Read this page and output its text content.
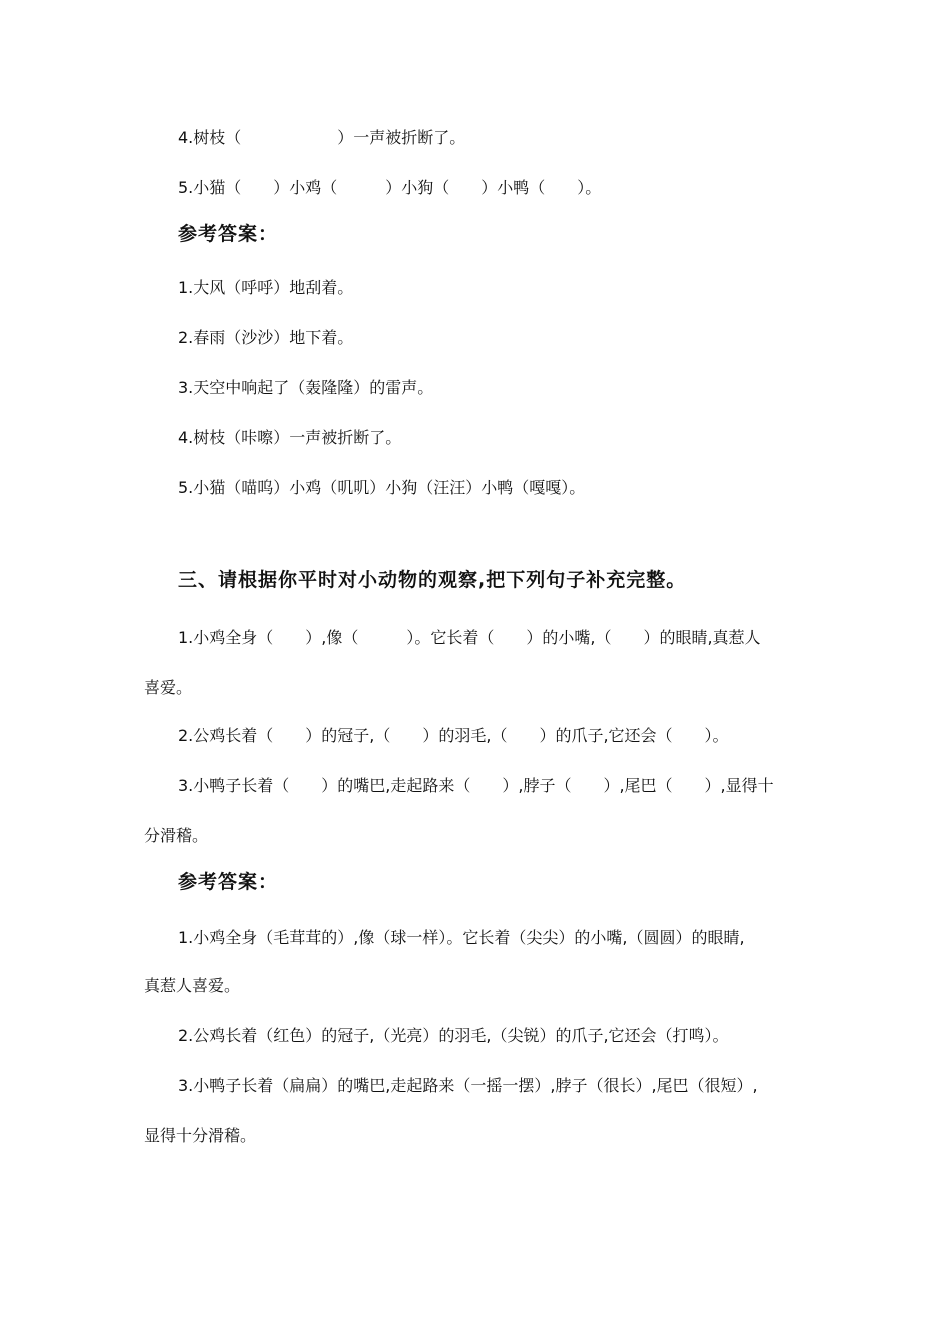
4.树枝（　　　　　　）一声被折断了。
5.小猫（　　）小鸡（　　　）小狗（　　）小鸭（　　）。
参考答案：
1.大风（呼呼）地刮着。
2.春雨（沙沙）地下着。
3.天空中响起了（轰隆隆）的雷声。
4.树枝（咔嚓）一声被折断了。
5.小猫（喵呜）小鸡（叽叽）小狗（汪汪）小鸭（嘎嘎）。
三、请根据你平时对小动物的观察,把下列句子补充完整。
1.小鸡全身（　　）,像（　　　）。它长着（　　）的小嘴,（　　）的眼睛,真惹人
喜爱。
2.公鸡长着（　　）的冠子,（　　）的羽毛,（　　）的爪子,它还会（　　）。
3.小鸭子长着（　　）的嘴巴,走起路来（　　）,脖子（　　）,尾巴（　　）,显得十
分滑稽。
参考答案：
1.小鸡全身（毛茸茸的）,像（球一样）。它长着（尖尖）的小嘴,（圆圆）的眼睛,
真惹人喜爱。
2.公鸡长着（红色）的冠子,（光亮）的羽毛,（尖锐）的爪子,它还会（打鸣）。
3.小鸭子长着（扁扁）的嘴巴,走起路来（一摇一摆）,脖子（很长）,尾巴（很短）,
显得十分滑稽。
